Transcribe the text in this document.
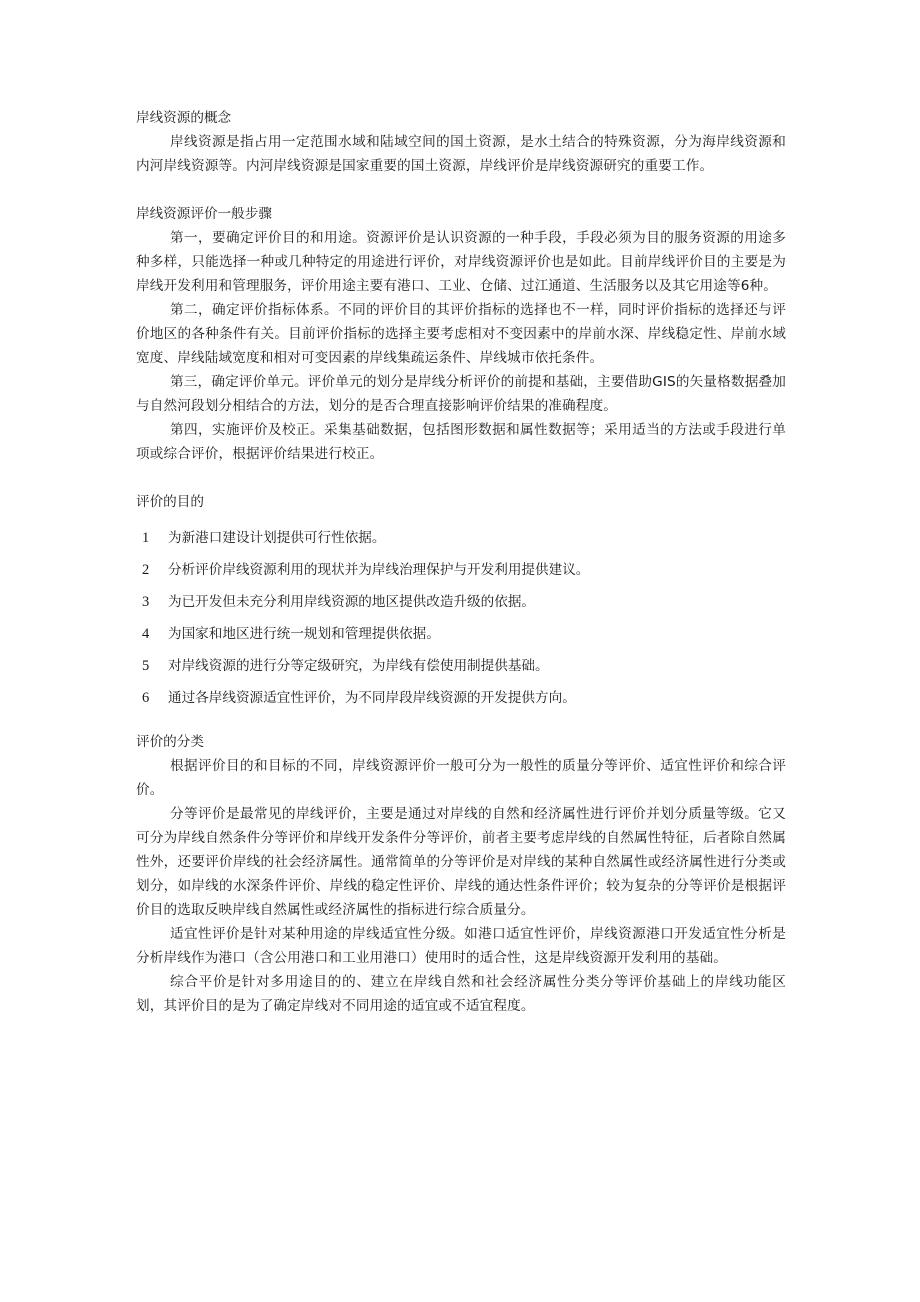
岸线资源的概念

岸线资源是指占用一定范围水域和陆域空间的国土资源，是水土结合的特殊资源，分为海岸线资源和内河岸线资源等。内河岸线资源是国家重要的国土资源，岸线评价是岸线资源研究的重要工作。

岸线资源评价一般步骤

第一，要确定评价目的和用途。资源评价是认识资源的一种手段，手段必须为目的服务资源的用途多种多样，只能选择一种或几种特定的用途进行评价，对岸线资源评价也是如此。目前岸线评价目的主要是为岸线开发利用和管理服务，评价用途主要有港口、工业、仓储、过江通道、生活服务以及其它用途等6种。

第二，确定评价指标体系。不同的评价目的其评价指标的选择也不一样，同时评价指标的选择还与评价地区的各种条件有关。目前评价指标的选择主要考虑相对不变因素中的岸前水深、岸线稳定性、岸前水域宽度、岸线陆域宽度和相对可变因素的岸线集疏运条件、岸线城市依托条件。

第三，确定评价单元。评价单元的划分是岸线分析评价的前提和基础，主要借助GIS的矢量格数据叠加与自然河段划分相结合的方法，划分的是否合理直接影响评价结果的准确程度。

第四，实施评价及校正。采集基础数据，包括图形数据和属性数据等；采用适当的方法或手段进行单项或综合评价，根据评价结果进行校正。

评价的目的

1	为新港口建设计划提供可行性依据。
2	分析评价岸线资源利用的现状并为岸线治理保护与开发利用提供建议。
3	为已开发但未充分利用岸线资源的地区提供改造升级的依据。
4	为国家和地区进行统一规划和管理提供依据。
5	对岸线资源的进行分等定级研究，为岸线有偿使用制提供基础。
6	通过各岸线资源适宜性评价，为不同岸段岸线资源的开发提供方向。

评价的分类

根据评价目的和目标的不同，岸线资源评价一般可分为一般性的质量分等评价、适宜性评价和综合评价。

分等评价是最常见的岸线评价，主要是通过对岸线的自然和经济属性进行评价并划分质量等级。它又可分为岸线自然条件分等评价和岸线开发条件分等评价，前者主要考虑岸线的自然属性特征，后者除自然属性外，还要评价岸线的社会经济属性。通常简单的分等评价是对岸线的某种自然属性或经济属性进行分类或划分，如岸线的水深条件评价、岸线的稳定性评价、岸线的通达性条件评价；较为复杂的分等评价是根据评价目的选取反映岸线自然属性或经济属性的指标进行综合质量分。

适宜性评价是针对某种用途的岸线适宜性分级。如港口适宜性评价，岸线资源港口开发适宜性分析是分析岸线作为港口（含公用港口和工业用港口）使用时的适合性，这是岸线资源开发利用的基础。

综合平价是针对多用途目的的、建立在岸线自然和社会经济属性分类分等评价基础上的岸线功能区划，其评价目的是为了确定岸线对不同用途的适宜或不适宜程度。
